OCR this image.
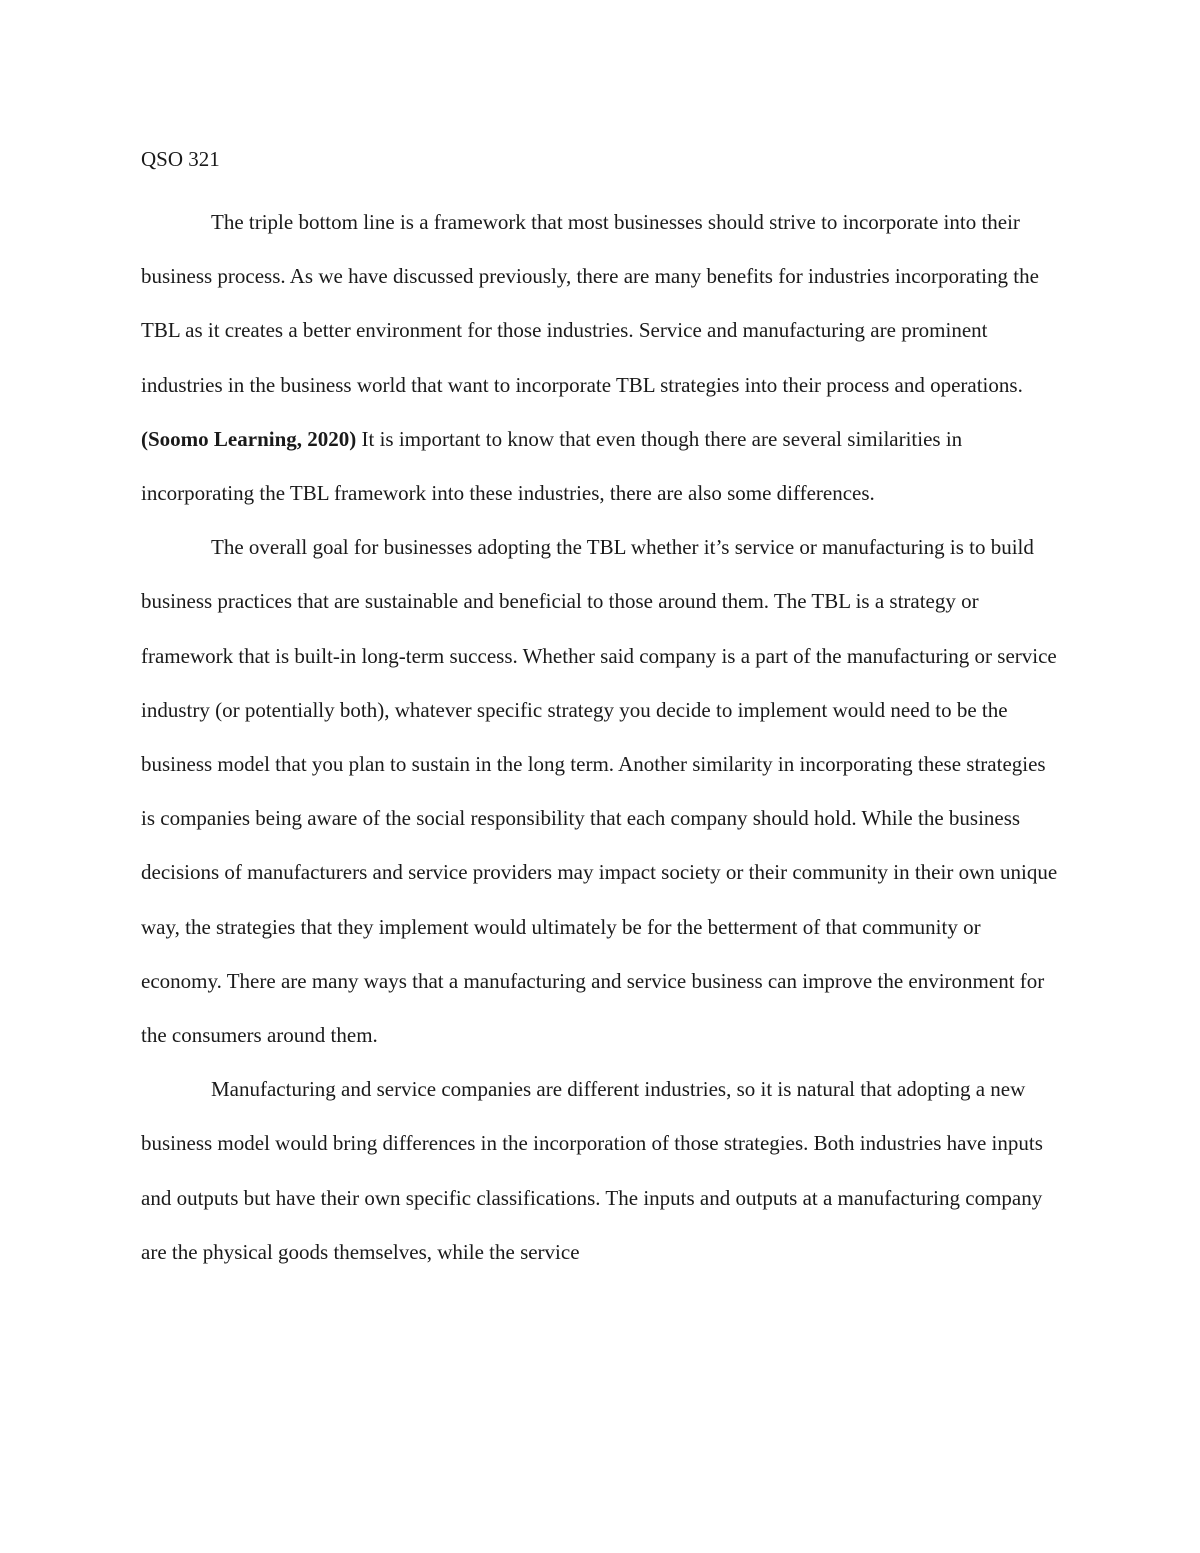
QSO 321

The triple bottom line is a framework that most businesses should strive to incorporate into their business process. As we have discussed previously, there are many benefits for industries incorporating the TBL as it creates a better environment for those industries. Service and manufacturing are prominent industries in the business world that want to incorporate TBL strategies into their process and operations. (Soomo Learning, 2020) It is important to know that even though there are several similarities in incorporating the TBL framework into these industries, there are also some differences.

The overall goal for businesses adopting the TBL whether it’s service or manufacturing is to build business practices that are sustainable and beneficial to those around them. The TBL is a strategy or framework that is built-in long-term success. Whether said company is a part of the manufacturing or service industry (or potentially both), whatever specific strategy you decide to implement would need to be the business model that you plan to sustain in the long term. Another similarity in incorporating these strategies is companies being aware of the social responsibility that each company should hold. While the business decisions of manufacturers and service providers may impact society or their community in their own unique way, the strategies that they implement would ultimately be for the betterment of that community or economy. There are many ways that a manufacturing and service business can improve the environment for the consumers around them.

Manufacturing and service companies are different industries, so it is natural that adopting a new business model would bring differences in the incorporation of those strategies. Both industries have inputs and outputs but have their own specific classifications. The inputs and outputs at a manufacturing company are the physical goods themselves, while the service
